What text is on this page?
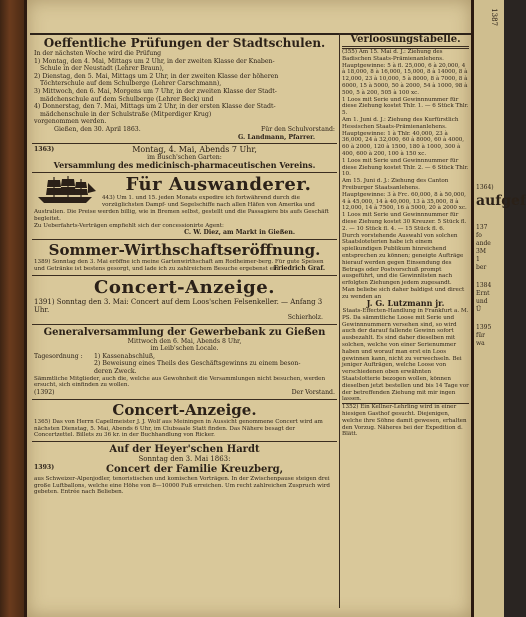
Oeffentliche Prüfungen der Stadtschulen.
In der nächsten Woche wird die Prüfung
1) Montag, den 4. Mai, Mittags um 2 Uhr, in der zweiten Klasse der Knaben-
Schule in der Neustadt (Lehrer Braun),
2) Dienstag, den 5. Mai, Mittags um 2 Uhr, in der zweiten Klasse der höheren
Töchterschule auf dem Schulberge (Lehrer Carschmann),
3) Mittwoch, den 6. Mai, Morgens um 7 Uhr, in der zweiten Klasse der Stadt-
mädchenschule auf dem Schulberge (Lehrer Beck) und
4) Donnerstag, den 7. Mai, Mittags um 2 Uhr, in der ersten Klasse der Stadt-
mädchenschule in der Schulstraße (Mitperdiger Krug)
vorgenommen werden.
Gießen, den 30. April 1863.	Für den Schulvorstand:
G. Landmann, Pfarrer.
1363)	Montag, 4. Mai, Abends 7 Uhr,
im Busch'schen Garten:
Versammlung des medicinisch-pharmaceutischen Vereins.
Für Auswanderer.
443) Um 1. und 15. jeden Monats expedire ich fortwährend durch die vorzüglichsten Dampf- und Segelschiffe nach allen Häfen von Amerika und Australien. Die Preise werden billig, wie in Bremen selbst, gestellt und die Passagiere bis aufs Geschäft begleitet.
Zu Ueberfahrts-Verträgen empfiehlt sich der concessionirte Agent:
C. W. Diez, am Markt in Gießen.
Sommer-Wirthschaftseröffnung.
1389) Sonntag den 3. Mai eröffne ich meine Gartenwirthschaft am Rodheimer-berg. Für gute Speisen und Getränke ist bestens gesorgt, und lade ich zu zahlreichem Besuche ergebenst ein.
Friedrich Graf.
Concert-Anzeige.
1391) Sonntag den 3. Mai: Concert auf dem Loos'schen Felsenkeller. — Anfang 3 Uhr.
Schierholz.
Generalversammlung der Gewerbebank zu Gießen
Mittwoch den 6. Mai, Abends 8 Uhr,
im Leib'schen Locale.
Tagesordnung :	1) Kassenabschluß,
2) Beweisung eines Theils des Geschäftsgewinns zu einem beson-
deren Zweck.
Sämmtliche Mitglieder, auch die, welche aus Gewohnheit die Versammlungen nicht besuchen, werden ersucht, sich einfinden zu wollen.
(1392)	Der Vorstand.
Concert-Anzeige.
1365) Das von Herrn Capellmeister J. J. Wolf aus Meiningen in Aussicht genommene Concert wird am nächsten Dienstag, 5. Mai, Abends 6 Uhr, im Clubsaale Statt finden. Das Nähere besagt der Concertzettel. Billets zu 36 kr. in der Buchhandlung von Ricker.
Auf der Heyer'schen Hardt
Sonntag den 3. Mai 1863:
1393)	Concert der Familie Kreuzberg,
aus Schweizer-Alpenjodler, tenoristischen und komischen Vorträgen. In der Zwischenpause steigen drei große Luftballons, welche eine Höhe von 8—10000 Fuß erreichen. Um recht zahlreichen Zuspruch wird gebeten. Entrée nach Belieben.
Verloosungstabelle.
(355) Am 15. Mai d. J.: Ziehung des Badischen Staats-Prämienanlehens.
Hauptgewinne: 5 à fl. 25,000, 6 à 20,000, 4 à 18,000, 8 à 16,000, 15,000, 8 à 14000, 8 à 12,000, 23 à 10,000, 5 à 8000, 8 à 7000, 8 à 6000, 15 à 5000, 50 à 2000, 54 à 1000, 98 à 500, 5 à 200, 505 à 100 xc.
1 Loos mit Serie und Gewinnnummer für diese Ziehung kostet Thlr. 1. — 6 Stück Thlr. 5.
Am 1. Juni d. J.: Ziehung des Kurfürstlich Hessischen Staats-Prämienanlehens.
Hauptgewinne: 1 à Thlr. 40,000, 23 à 36,000, 24 à 32,000, 60 à 8000, 60 à 4000, 60 à 2000, 120 à 1500, 180 à 1000, 300 à 400, 600 à 200, 100 à 150 xc.
1 Loos mit Serie und Gewinnnummer für diese Ziehung kostet Thlr. 2. — 6 Stück Thlr. 10.
Am 15. Juni d. J.: Ziehung des Canton Freiburger Staatsanlehens.
Hauptgewinne: 3 à Frc. 60,000, 8 à 50,000, 4 à 45,000, 14 à 40,000, 13 à 35,000, 8 à 12,000, 14 à 7500, 16 à 5000, 20 à 2000 xc.
1 Loos mit Serie und Gewinnnummer für diese Ziehung kostet 30 Kreuzer. 5 Stück fl. 2. — 10 Stück fl. 4. — 15 Stück fl. 6.
Durch vorstehende Auswahl von solchen Staatsloteterien habe ich einem spielkundigen Publikum hinreichend entsprechen zu können; geneigte Aufträge hierauf werden gegen Einsendung des Betrags oder Postvorschuß prompt ausgeführt, und die Gewinnlisten nach erfolgten Ziehungen jedem zugesandt.
Man beliebe sich daher baldigst und direct zu wenden an
J. G. Lutzmann jr.
Staats-Effecten-Handlung in Frankfurt a. M.
PS. Da sämmtliche Loose mit Serie und Gewinnnummern versehen sind, so wird auch der darauf fallende Gewinn sofort ausbezahlt. Es sind daher dieselben mit solchen, welche von einer Serienummer haben und worauf man erst ein Loos gewinnen kann, nicht zu verwechseln. Bei jeniger Aufträgen, welche Loose von verschiedenen oben erwähnten Staatslotterie bezogen wollen, können dieselben jetzt bestellen und bis 14 Tage vor der betreffenden Ziehung mit mir ingen lassen.
1352) Ein Kellner-Lehrling wird in einer hiesigen Gasthof gesucht. Diejenigen, welche ihre Söhne damit gewesen, erhalten den Vorzug. Näheres bei der Expedition d. Blätt.
1364)
aufgef
137
fo
ande
3M
1
ber
1384
Ernt
und
Ü
1395
für
wa
1387
